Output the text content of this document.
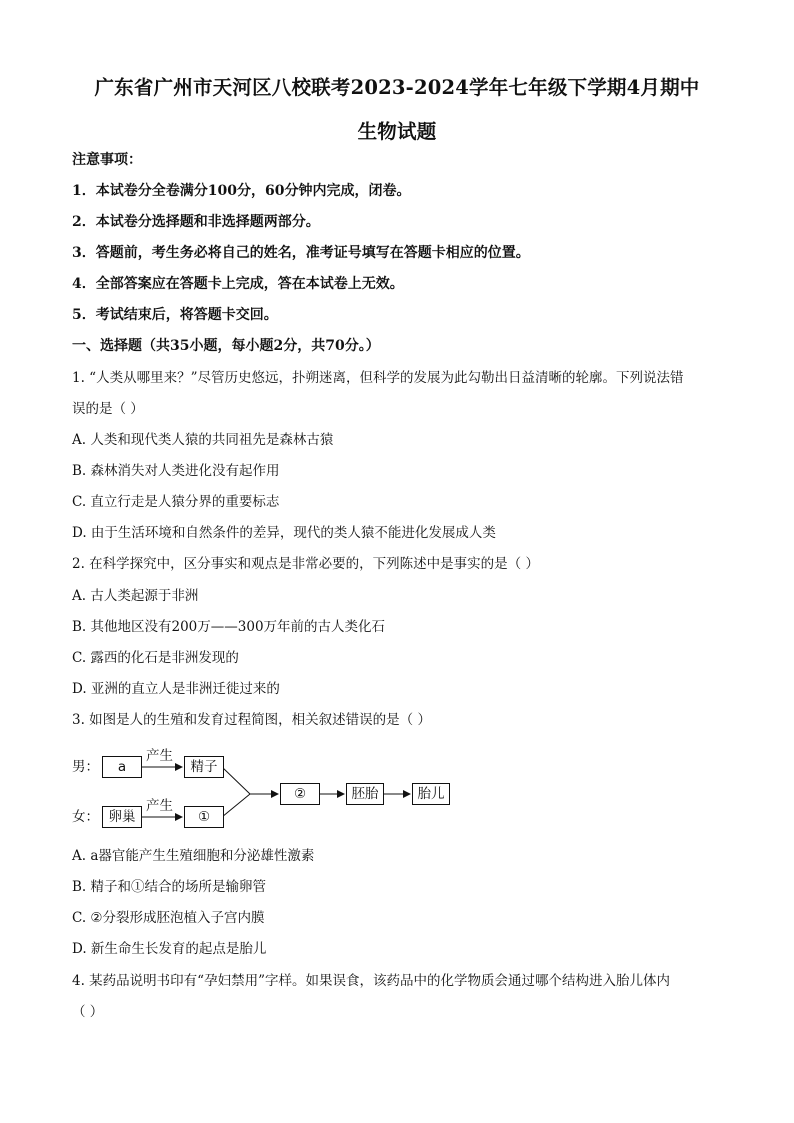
广东省广州市天河区八校联考2023-2024学年七年级下学期4月期中
生物试题
注意事项：
1．本试卷分全卷满分100分，60分钟内完成，闭卷。
2．本试卷分选择题和非选择题两部分。
3．答题前，考生务必将自己的姓名，准考证号填写在答题卡相应的位置。
4．全部答案应在答题卡上完成，答在本试卷上无效。
5．考试结束后，将答题卡交回。
一、选择题（共35小题，每小题2分，共70分。）
1. “人类从哪里来？”尽管历史悠远，扑朔迷离，但科学的发展为此勾勒出日益清晰的轮廓。下列说法错
误的是（ ）
A. 人类和现代类人猿的共同祖先是森林古猿
B. 森林消失对人类进化没有起作用
C. 直立行走是人猿分界的重要标志
D. 由于生活环境和自然条件的差异，现代的类人猿不能进化发展成人类
2. 在科学探究中，区分事实和观点是非常必要的，下列陈述中是事实的是（ ）
A. 古人类起源于非洲
B. 其他地区没有200万——300万年前的古人类化石
C. 露西的化石是非洲发现的
D. 亚洲的直立人是非洲迁徙过来的
3. 如图是人的生殖和发育过程简图，相关叙述错误的是（ ）
男：	a
产生
精子
女： 卵巢
产生
①
②	胚胎	胎儿
A. a器官能产生生殖细胞和分泌雄性激素
B. 精子和①结合的场所是输卵管
C. ②分裂形成胚泡植入子宫内膜
D. 新生命生长发育的起点是胎儿
4. 某药品说明书印有“孕妇禁用”字样。如果误食，该药品中的化学物质会通过哪个结构进入胎儿体内
（ ）
